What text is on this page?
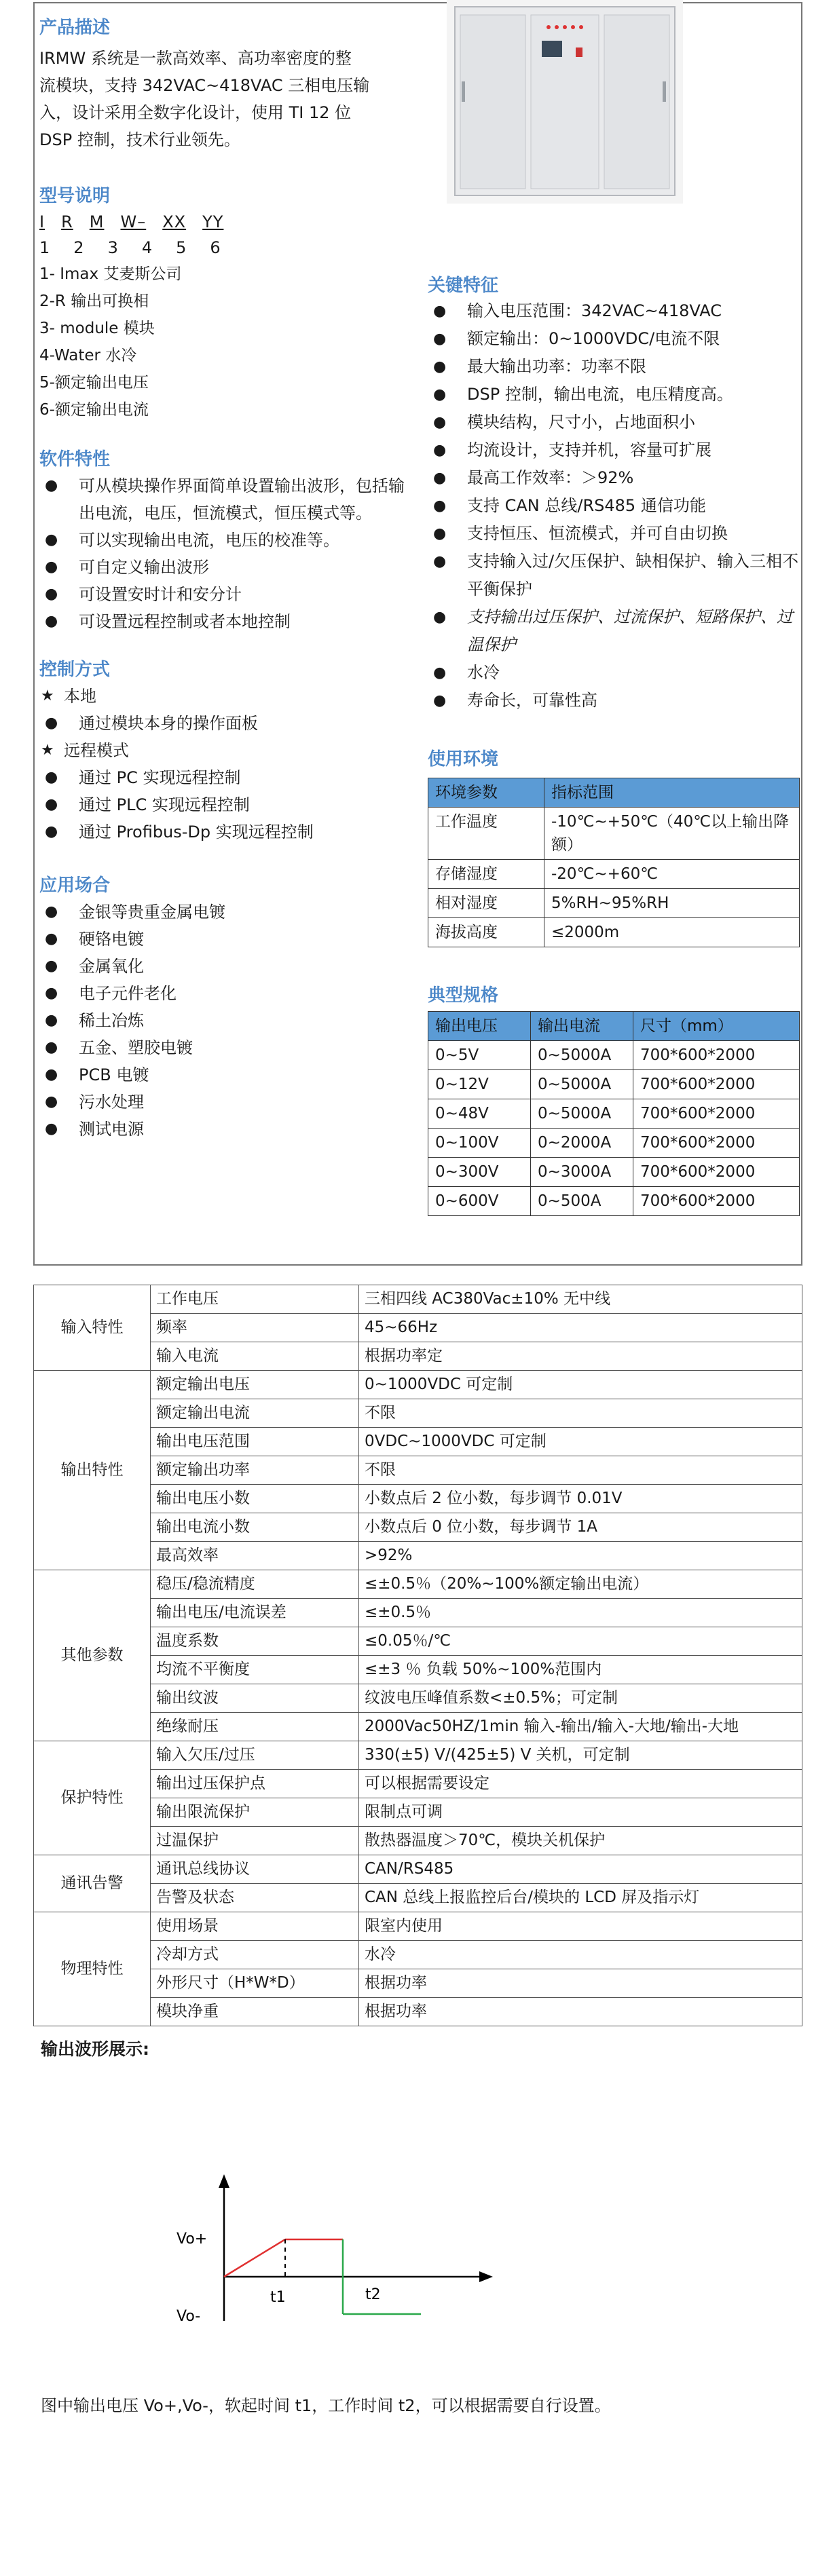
产品描述

IRMW 系统是一款高效率、高功率密度的整

流模块，支持 342VAC~418VAC 三相电压输

入，设计采用全数字化设计，使用 TI 12 位

DSP 控制，技术行业领先。

型号说明
I R M W– XX YY
1 2 3 4 5 6

1- Imax 艾麦斯公司

2-R 输出可换相

3- module 模块

4-Water 水冷

5-额定输出电压

6-额定输出电流

软件特性
●
可从模块操作界面简单设置输出波形，包括输出电流，电压，恒流模式，恒压模式等。
●
可以实现输出电流，电压的校准等。
●
可自定义输出波形
●
可设置安时计和安分计
●
可设置远程控制或者本地控制
控制方式
★
本地
●
通过模块本身的操作面板
★
远程模式
●
通过 PC 实现远程控制
●
通过 PLC 实现远程控制
●
通过 Profibus-Dp 实现远程控制
应用场合
●
金银等贵重金属电镀
●
硬铬电镀
●
金属氧化
●
电子元件老化
●
稀土冶炼
●
五金、塑胶电镀
●
PCB 电镀
●
污水处理
●
测试电源
关键特征
●
输入电压范围：342VAC~418VAC
●
额定输出：0~1000VDC/电流不限
●
最大输出功率：功率不限
●
DSP 控制，输出电流，电压精度高。
●
模块结构，尺寸小，占地面积小
●
均流设计，支持并机，容量可扩展
●
最高工作效率：＞92%
●
支持 CAN 总线/RS485 通信功能
●
支持恒压、恒流模式，并可自由切换
●
支持输入过/欠压保护、缺相保护、输入三相不平衡保护
●
支持输出过压保护、过流保护、短路保护、过温保护
●
水冷
●
寿命长，可靠性高
使用环境
环境参数	指标范围
工作温度	-10℃~+50℃（40℃以上输出降额）
存储湿度	-20℃~+60℃
相对湿度	5%RH~95%RH
海拔高度	≤2000m
典型规格
输出电压	输出电流	尺寸（mm）
0~5V	0~5000A	700*600*2000
0~12V	0~5000A	700*600*2000
0~48V	0~5000A	700*600*2000
0~100V	0~2000A	700*600*2000
0~300V	0~3000A	700*600*2000
0~600V	0~500A	700*600*2000
输入特性	工作电压	三相四线 AC380Vac±10% 无中线
	频率	45~66Hz
	输入电流	根据功率定
输出特性	额定输出电压	0~1000VDC 可定制
	额定输出电流	不限
	输出电压范围	0VDC~1000VDC 可定制
	额定输出功率	不限
	输出电压小数	小数点后 2 位小数，每步调节 0.01V
	输出电流小数	小数点后 0 位小数，每步调节 1A
	最高效率	>92%
其他参数	稳压/稳流精度	≤±0.5％（20%~100%额定输出电流）
	输出电压/电流误差	≤±0.5％
	温度系数	≤0.05％/℃
	均流不平衡度	≤±3 ％ 负载 50%~100%范围内
	输出纹波	纹波电压峰值系数<±0.5%；可定制
	绝缘耐压	2000Vac50HZ/1min 输入-输出/输入-大地/输出-大地
保护特性	输入欠压/过压	330(±5) V/(425±5) V 关机，可定制
	输出过压保护点	可以根据需要设定
	输出限流保护	限制点可调
	过温保护	散热器温度＞70℃，模块关机保护
通讯告警	通讯总线协议	CAN/RS485
	告警及状态	CAN 总线上报监控后台/模块的 LCD 屏及指示灯
物理特性	使用场景	限室内使用
	冷却方式	水冷
	外形尺寸（H*W*D）	根据功率
	模块净重	根据功率

输出波形展示:

Vo+
Vo-
t1	t2

图中输出电压 Vo+,Vo-，软起时间 t1，工作时间 t2，可以根据需要自行设置。
